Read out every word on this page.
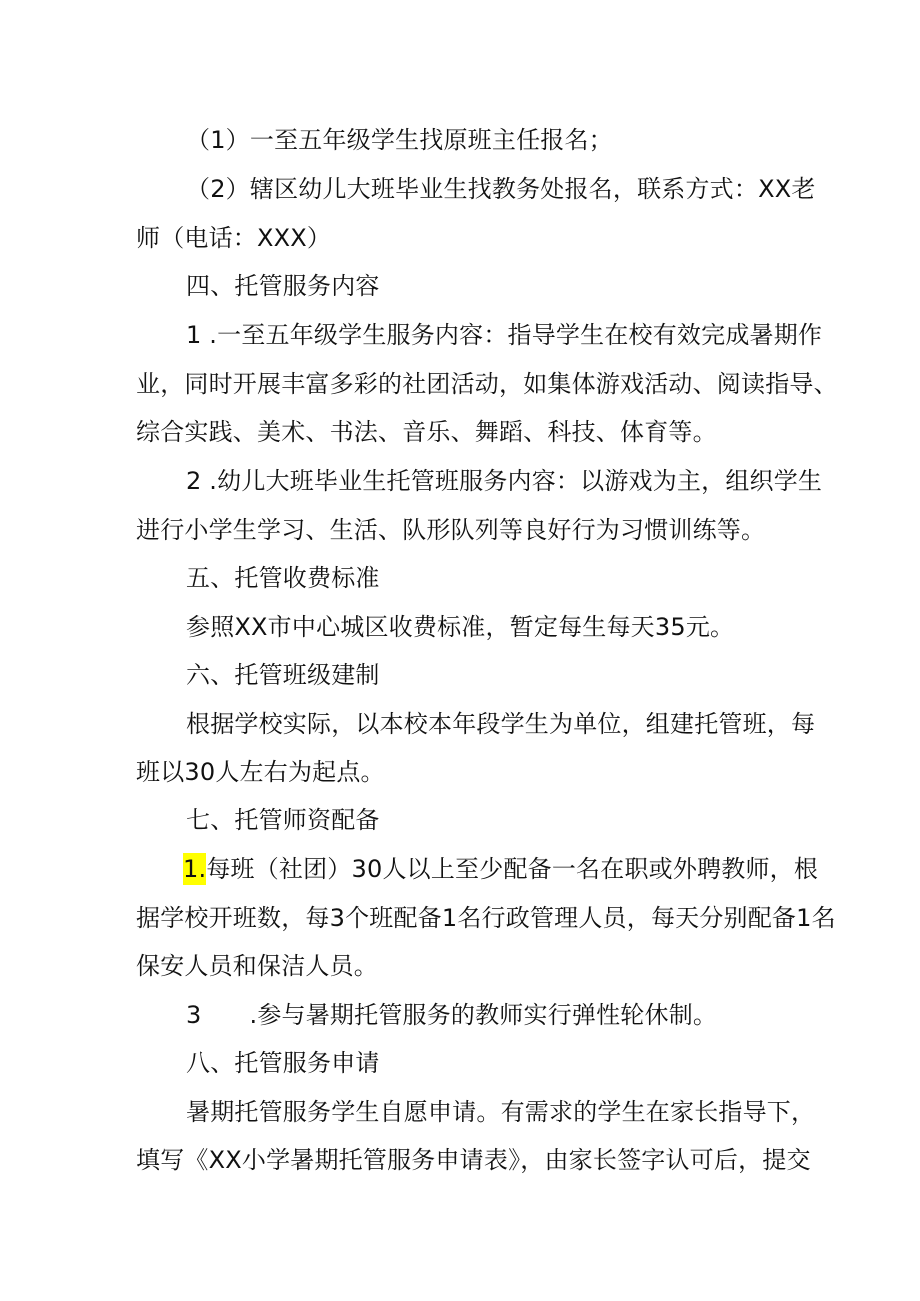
（1）一至五年级学生找原班主任报名；
（2）辖区幼儿大班毕业生找教务处报名，联系方式：XX老
师（电话：XXX）
四、托管服务内容
1 .一至五年级学生服务内容：指导学生在校有效完成暑期作
业，同时开展丰富多彩的社团活动，如集体游戏活动、阅读指导、
综合实践、美术、书法、音乐、舞蹈、科技、体育等。
2 .幼儿大班毕业生托管班服务内容：以游戏为主，组织学生
进行小学生学习、生活、队形队列等良好行为习惯训练等。
五、托管收费标准
参照XX市中心城区收费标准，暂定每生每天35元。
六、托管班级建制
根据学校实际，以本校本年段学生为单位，组建托管班，每
班以30人左右为起点。
七、托管师资配备
1.每班（社团）30人以上至少配备一名在职或外聘教师，根
据学校开班数，每3个班配备1名行政管理人员，每天分别配备1名
保安人员和保洁人员。
3 .参与暑期托管服务的教师实行弹性轮休制。
八、托管服务申请
暑期托管服务学生自愿申请。有需求的学生在家长指导下，
填写《XX小学暑期托管服务申请表》，由家长签字认可后，提交
